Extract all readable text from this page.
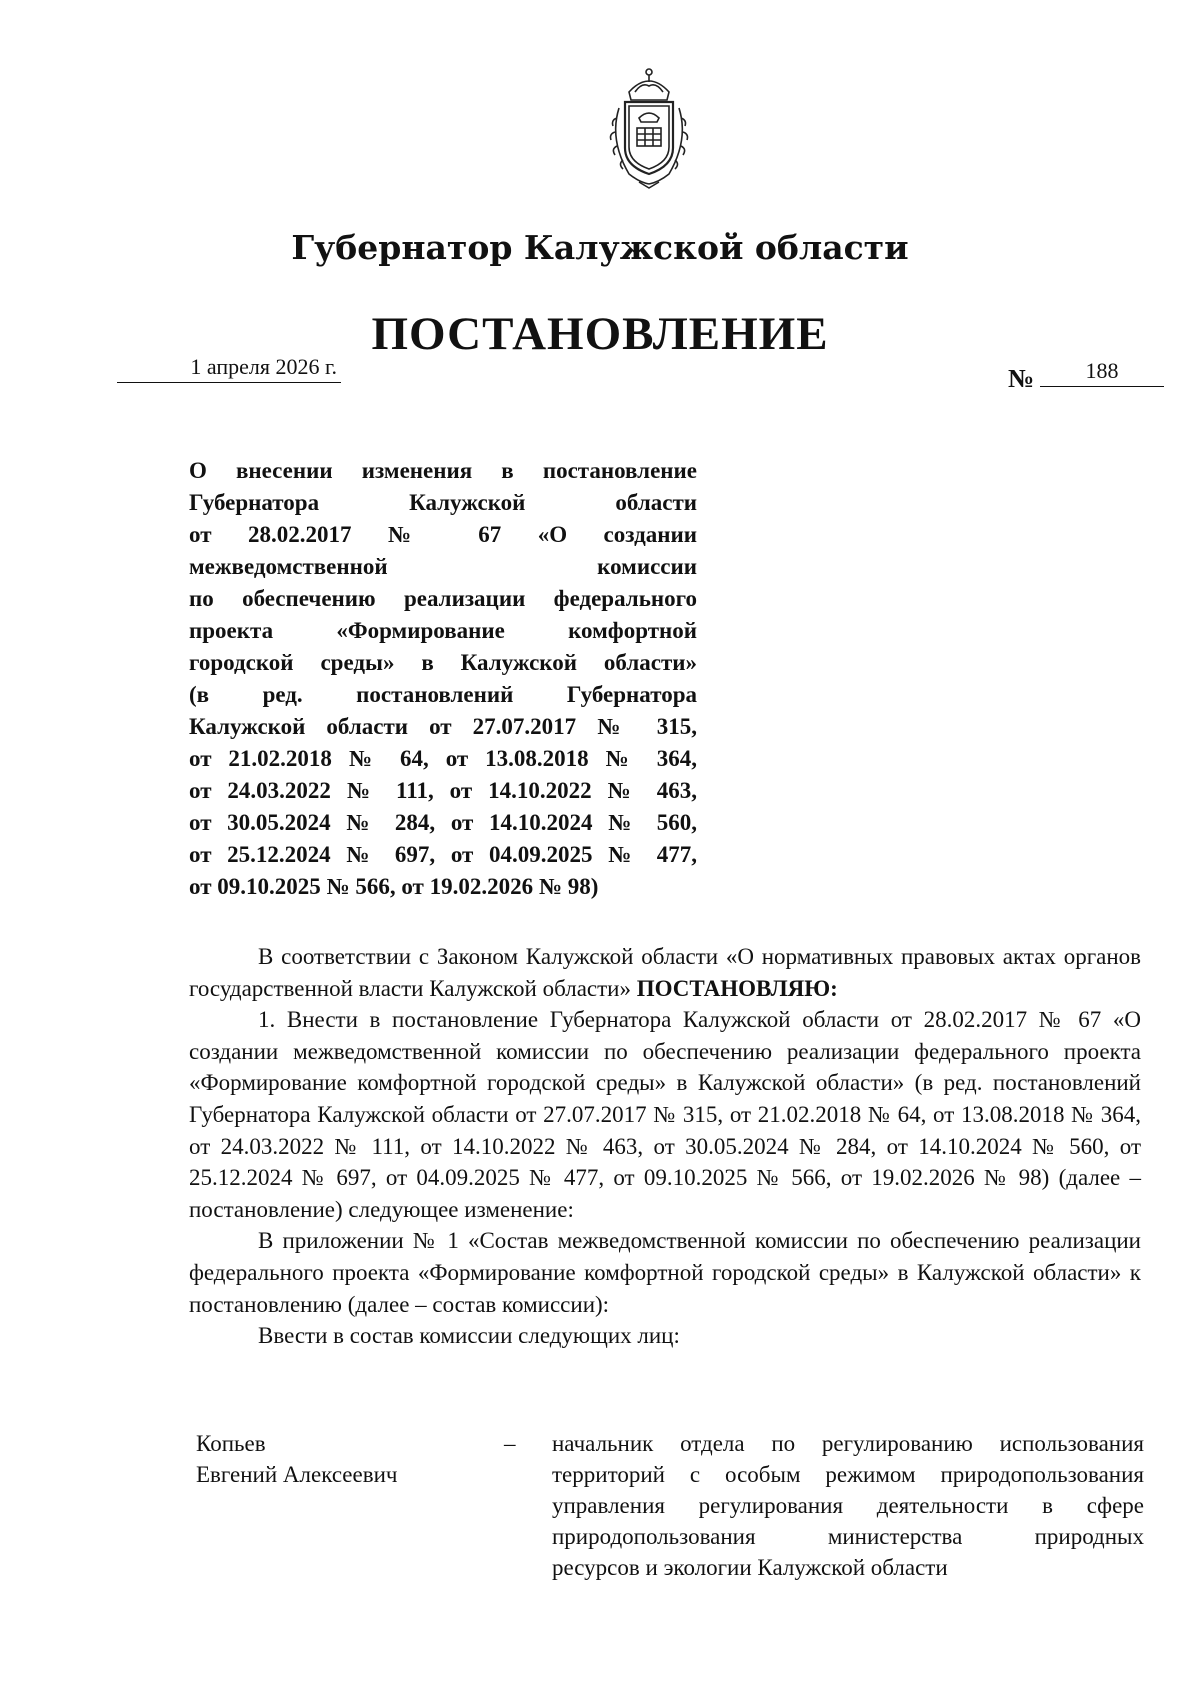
Губернатор Калужской области
ПОСТАНОВЛЕНИЕ
1 апреля 2026 г.	№	188
О внесении изменения в постановление
Губернатора Калужской области
от 28.02.2017 № 67 «О создании
межведомственной комиссии
по обеспечению реализации федерального
проекта «Формирование комфортной
городской среды» в Калужской области»
(в ред. постановлений Губернатора
Калужской области от 27.07.2017 № 315,
от 21.02.2018 № 64, от 13.08.2018 № 364,
от 24.03.2022 № 111, от 14.10.2022 № 463,
от 30.05.2024 № 284, от 14.10.2024 № 560,
от 25.12.2024 № 697, от 04.09.2025 № 477,
от 09.10.2025 № 566, от 19.02.2026 № 98)

В соответствии с Законом Калужской области «О нормативных правовых актах органов государственной власти Калужской области» ПОСТАНОВЛЯЮ:

1. Внести в постановление Губернатора Калужской области от 28.02.2017 № 67 «О создании межведомственной комиссии по обеспечению реализации федерального проекта «Формирование комфортной городской среды» в Калужской области» (в ред. постановлений Губернатора Калужской области от 27.07.2017 № 315, от 21.02.2018 № 64, от 13.08.2018 № 364, от 24.03.2022 № 111, от 14.10.2022 № 463, от 30.05.2024 № 284, от 14.10.2024 № 560, от 25.12.2024 № 697, от 04.09.2025 № 477, от 09.10.2025 № 566, от 19.02.2026 № 98) (далее – постановление) следующее изменение:

В приложении № 1 «Состав межведомственной комиссии по обеспечению реализации федерального проекта «Формирование комфортной городской среды» в Калужской области» к постановлению (далее – состав комиссии):

Ввести в состав комиссии следующих лиц:

Копьев
Евгений Алексеевич
–	начальник отдела по регулированию использования
территорий с особым режимом природопользования
управления регулирования деятельности в сфере
природопользования министерства природных
ресурсов и экологии Калужской области
